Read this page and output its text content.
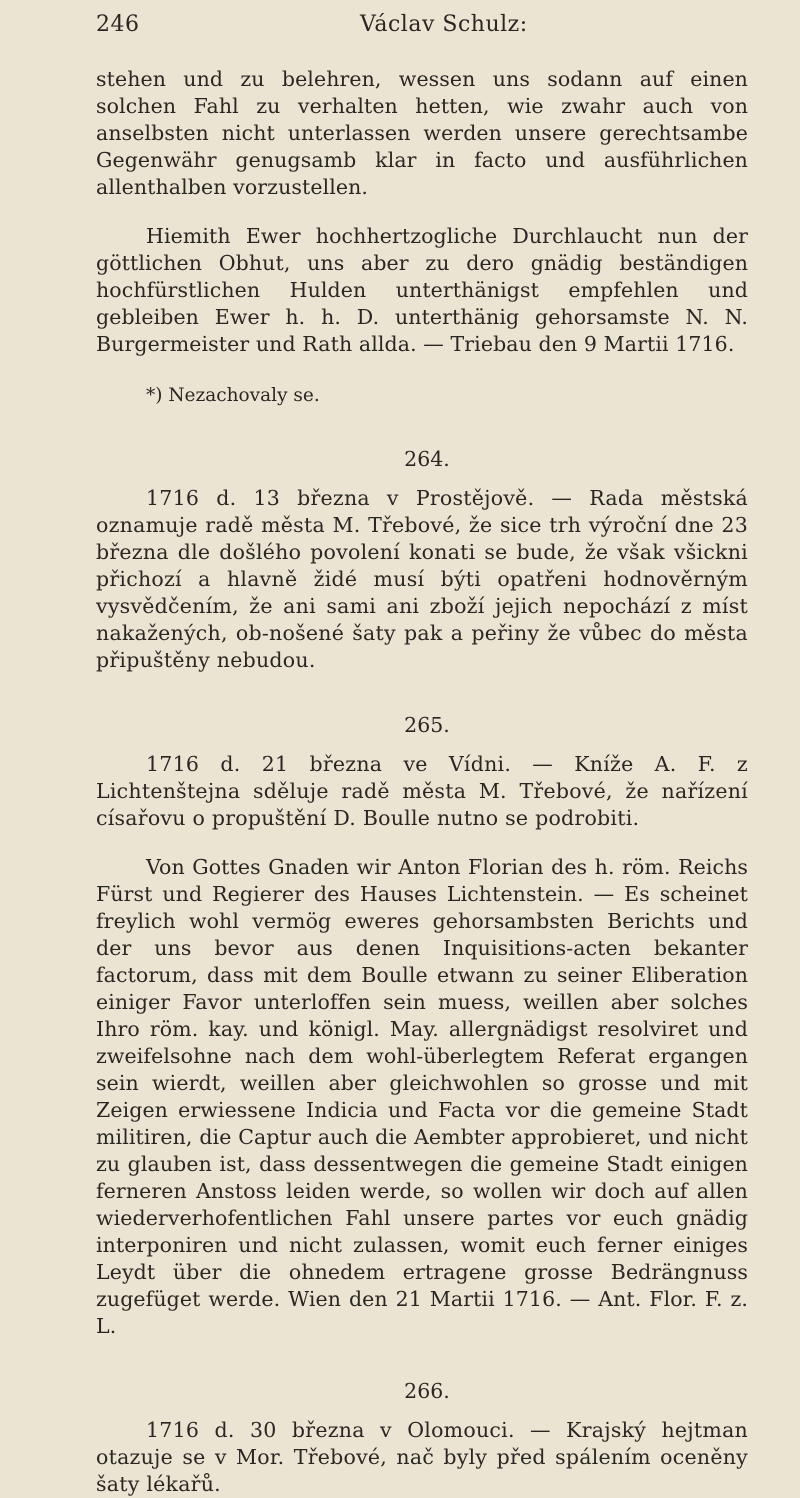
246	Václav Schulz:

stehen und zu belehren, wessen uns sodann auf einen solchen Fahl zu verhalten hetten, wie zwahr auch von anselbsten nicht unterlassen werden unsere gerechtsambe Gegenwähr genugsamb klar in facto und ausführlichen allenthalben vorzustellen.

Hiemith Ewer hochhertzogliche Durchlaucht nun der göttlichen Obhut, uns aber zu dero gnädig beständigen hochfürstlichen Hulden unterthänigst empfehlen und gebleiben Ewer h. h. D. unterthänig gehorsamste N. N. Burgermeister und Rath allda. — Triebau den 9 Martii 1716.

*) Nezachovaly se.
264.

1716 d. 13 března v Prostějově. — Rada městská oznamuje radě města M. Třebové, že sice trh výroční dne 23 března dle došlého povolení konati se bude, že však všickni přichozí a hlavně židé musí býti opatřeni hodnověrným vysvědčením, že ani sami ani zboží jejich nepochází z míst nakažených, ob-nošené šaty pak a peřiny že vůbec do města připuštěny nebudou.

265.

1716 d. 21 března ve Vídni. — Kníže A. F. z Lichtenštejna sděluje radě města M. Třebové, že nařízení císařovu o propuštění D. Boulle nutno se podrobiti.

Von Gottes Gnaden wir Anton Florian des h. röm. Reichs Fürst und Regierer des Hauses Lichtenstein. — Es scheinet freylich wohl vermög eweres gehorsambsten Berichts und der uns bevor aus denen Inquisitions-acten bekanter factorum, dass mit dem Boulle etwann zu seiner Eliberation einiger Favor unterloffen sein muess, weillen aber solches Ihro röm. kay. und königl. May. allergnädigst resolviret und zweifelsohne nach dem wohl-überlegtem Referat ergangen sein wierdt, weillen aber gleichwohlen so grosse und mit Zeigen erwiessene Indicia und Facta vor die gemeine Stadt militiren, die Captur auch die Aembter approbieret, und nicht zu glauben ist, dass dessentwegen die gemeine Stadt einigen ferneren Anstoss leiden werde, so wollen wir doch auf allen wiederverhofentlichen Fahl unsere partes vor euch gnädig interponiren und nicht zulassen, womit euch ferner einiges Leydt über die ohnedem ertragene grosse Bedrängnuss zugefüget werde. Wien den 21 Martii 1716. — Ant. Flor. F. z. L.

266.

1716 d. 30 března v Olomouci. — Krajský hejtman otazuje se v Mor. Třebové, nač byly před spálením oceněny šaty lékařů.
